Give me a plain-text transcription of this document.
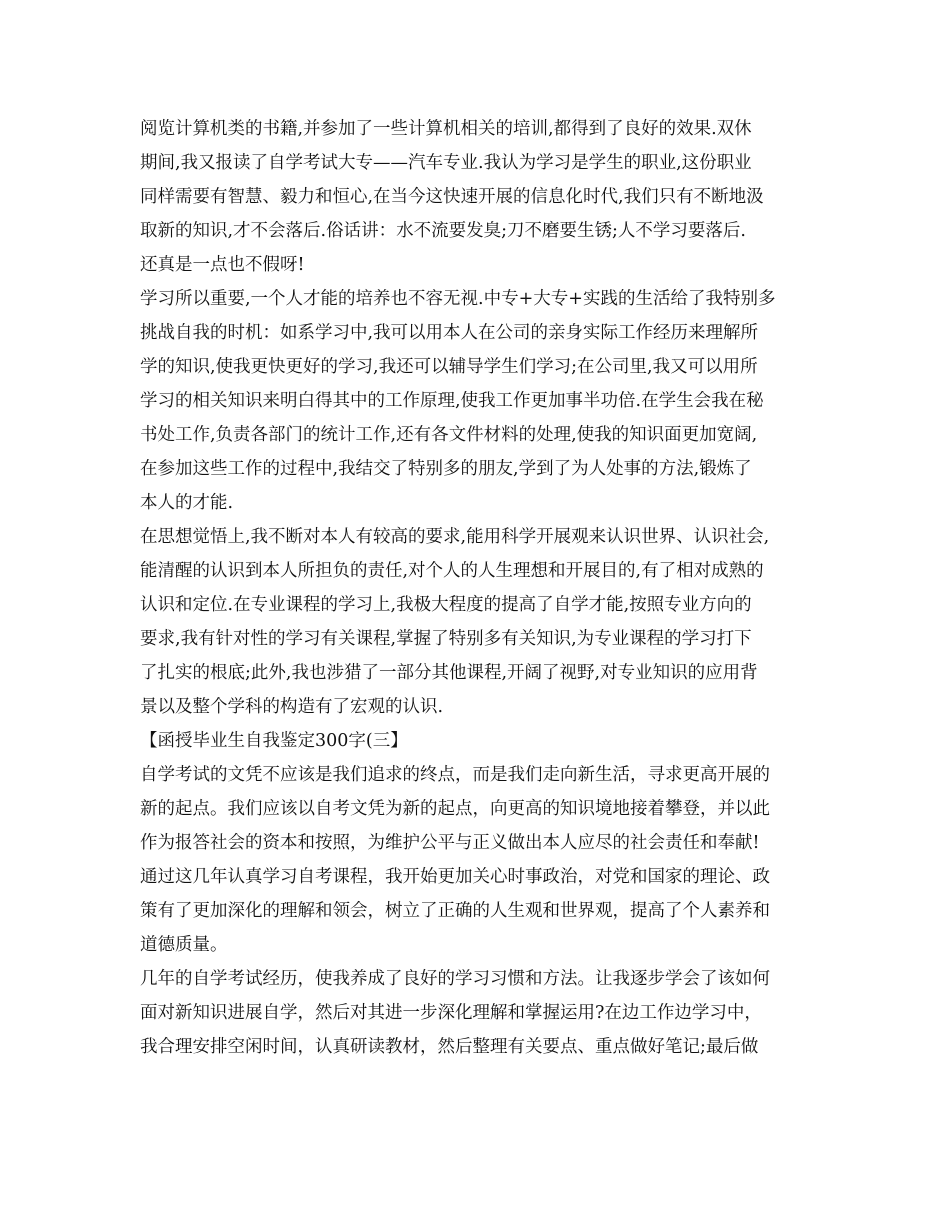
阅览计算机类的书籍,并参加了一些计算机相关的培训,都得到了良好的效果.双休
期间,我又报读了自学考试大专——汽车专业.我认为学习是学生的职业,这份职业
同样需要有智慧、毅力和恒心,在当今这快速开展的信息化时代,我们只有不断地汲
取新的知识,才不会落后.俗话讲：水不流要发臭;刀不磨要生锈;人不学习要落后.
还真是一点也不假呀!
学习所以重要,一个人才能的培养也不容无视.中专+大专+实践的生活给了我特别多
挑战自我的时机：如系学习中,我可以用本人在公司的亲身实际工作经历来理解所
学的知识,使我更快更好的学习,我还可以辅导学生们学习;在公司里,我又可以用所
学习的相关知识来明白得其中的工作原理,使我工作更加事半功倍.在学生会我在秘
书处工作,负责各部门的统计工作,还有各文件材料的处理,使我的知识面更加宽阔,
在参加这些工作的过程中,我结交了特别多的朋友,学到了为人处事的方法,锻炼了
本人的才能.
在思想觉悟上,我不断对本人有较高的要求,能用科学开展观来认识世界、认识社会,
能清醒的认识到本人所担负的责任,对个人的人生理想和开展目的,有了相对成熟的
认识和定位.在专业课程的学习上,我极大程度的提高了自学才能,按照专业方向的
要求,我有针对性的学习有关课程,掌握了特别多有关知识,为专业课程的学习打下
了扎实的根底;此外,我也涉猎了一部分其他课程,开阔了视野,对专业知识的应用背
景以及整个学科的构造有了宏观的认识.
【函授毕业生自我鉴定300字(三】
自学考试的文凭不应该是我们追求的终点，而是我们走向新生活，寻求更高开展的
新的起点。我们应该以自考文凭为新的起点，向更高的知识境地接着攀登，并以此
作为报答社会的资本和按照，为维护公平与正义做出本人应尽的社会责任和奉献!
通过这几年认真学习自考课程，我开始更加关心时事政治，对党和国家的理论、政
策有了更加深化的理解和领会，树立了正确的人生观和世界观，提高了个人素养和
道德质量。
几年的自学考试经历，使我养成了良好的学习习惯和方法。让我逐步学会了该如何
面对新知识进展自学，然后对其进一步深化理解和掌握运用?在边工作边学习中，
我合理安排空闲时间，认真研读教材，然后整理有关要点、重点做好笔记;最后做
